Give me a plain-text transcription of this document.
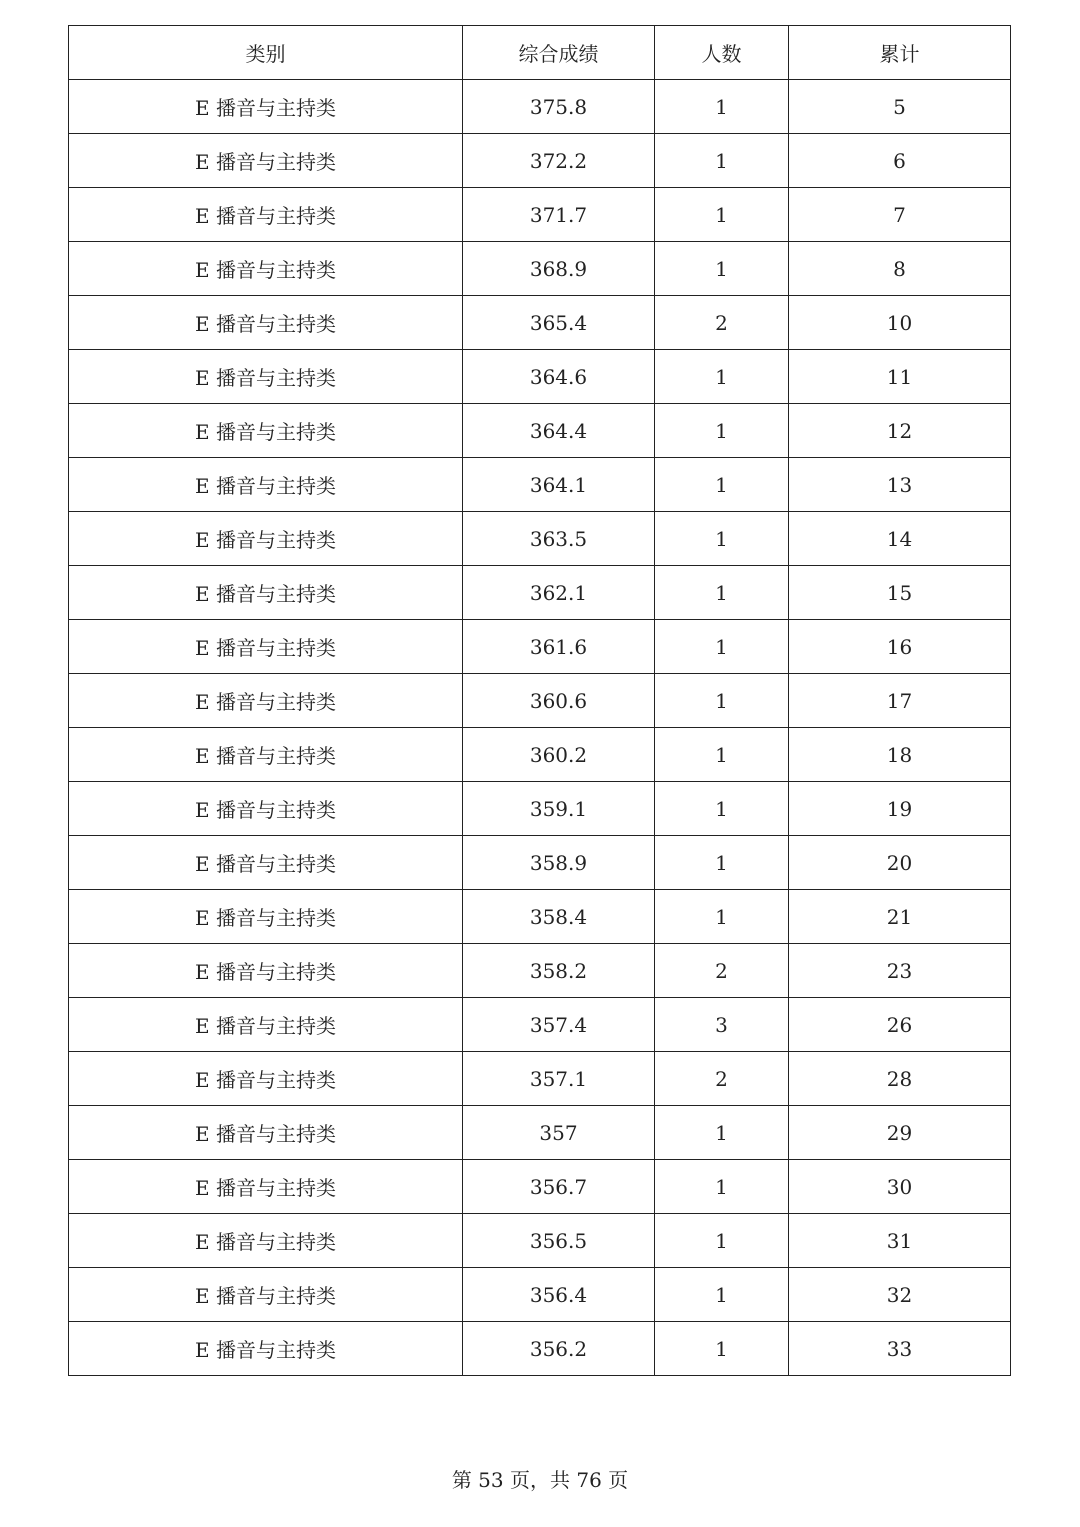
类别	综合成绩	人数	累计
E 播音与主持类	375.8	1	5
E 播音与主持类	372.2	1	6
E 播音与主持类	371.7	1	7
E 播音与主持类	368.9	1	8
E 播音与主持类	365.4	2	10
E 播音与主持类	364.6	1	11
E 播音与主持类	364.4	1	12
E 播音与主持类	364.1	1	13
E 播音与主持类	363.5	1	14
E 播音与主持类	362.1	1	15
E 播音与主持类	361.6	1	16
E 播音与主持类	360.6	1	17
E 播音与主持类	360.2	1	18
E 播音与主持类	359.1	1	19
E 播音与主持类	358.9	1	20
E 播音与主持类	358.4	1	21
E 播音与主持类	358.2	2	23
E 播音与主持类	357.4	3	26
E 播音与主持类	357.1	2	28
E 播音与主持类	357	1	29
E 播音与主持类	356.7	1	30
E 播音与主持类	356.5	1	31
E 播音与主持类	356.4	1	32
E 播音与主持类	356.2	1	33
第 53 页，共 76 页
